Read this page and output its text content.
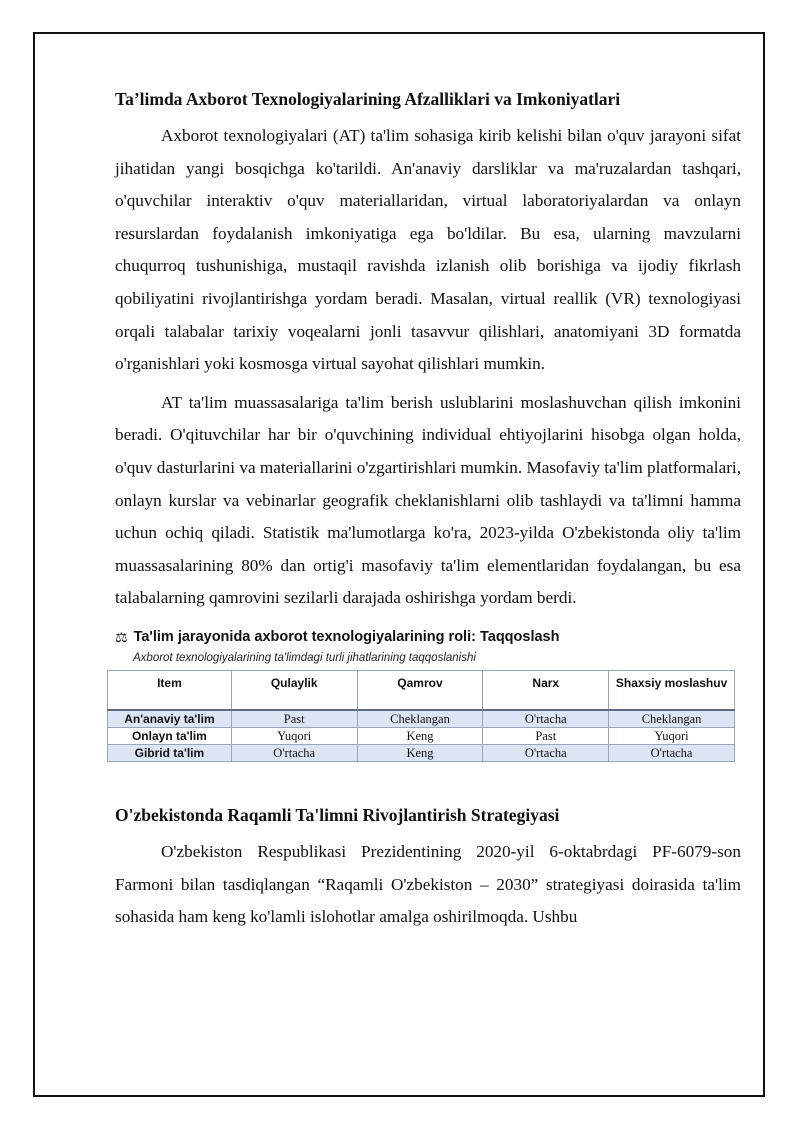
Ta’limda Axborot Texnologiyalarining Afzalliklari va Imkoniyatlari

Axborot texnologiyalari (AT) ta'lim sohasiga kirib kelishi bilan o'quv jarayoni sifat jihatidan yangi bosqichga ko'tarildi. An'anaviy darsliklar va ma'ruzalardan tashqari, o'quvchilar interaktiv o'quv materiallaridan, virtual laboratoriyalardan va onlayn resurslardan foydalanish imkoniyatiga ega bo'ldilar. Bu esa, ularning mavzularni chuqurroq tushunishiga, mustaqil ravishda izlanish olib borishiga va ijodiy fikrlash qobiliyatini rivojlantirishga yordam beradi. Masalan, virtual reallik (VR) texnologiyasi orqali talabalar tarixiy voqealarni jonli tasavvur qilishlari, anatomiyani 3D formatda o'rganishlari yoki kosmosga virtual sayohat qilishlari mumkin.

AT ta'lim muassasalariga ta'lim berish uslublarini moslashuvchan qilish imkonini beradi. O'qituvchilar har bir o'quvchining individual ehtiyojlarini hisobga olgan holda, o'quv dasturlarini va materiallarini o'zgartirishlari mumkin. Masofaviy ta'lim platformalari, onlayn kurslar va vebinarlar geografik cheklanishlarni olib tashlaydi va ta'limni hamma uchun ochiq qiladi. Statistik ma'lumotlarga ko'ra, 2023-yilda O'zbekistonda oliy ta'lim muassasalarining 80% dan ortig'i masofaviy ta'lim elementlaridan foydalangan, bu esa talabalarning qamrovini sezilarli darajada oshirishga yordam berdi.

⚖ Ta'lim jarayonida axborot texnologiyalarining roli: Taqqoslash
Axborot texnologiyalarining ta'limdagi turli jihatlarining taqqoslanishi
Item	Qulaylik	Qamrov	Narx	Shaxsiy moslashuv
An'anaviy ta'lim	Past	Cheklangan	O'rtacha	Cheklangan
Onlayn ta'lim	Yuqori	Keng	Past	Yuqori
Gibrid ta'lim	O'rtacha	Keng	O'rtacha	O'rtacha
O'zbekistonda Raqamli Ta'limni Rivojlantirish Strategiyasi

O'zbekiston Respublikasi Prezidentining 2020-yil 6-oktabrdagi PF-6079-son Farmoni bilan tasdiqlangan “Raqamli O'zbekiston – 2030” strategiyasi doirasida ta'lim sohasida ham keng ko'lamli islohotlar amalga oshirilmoqda. Ushbu
